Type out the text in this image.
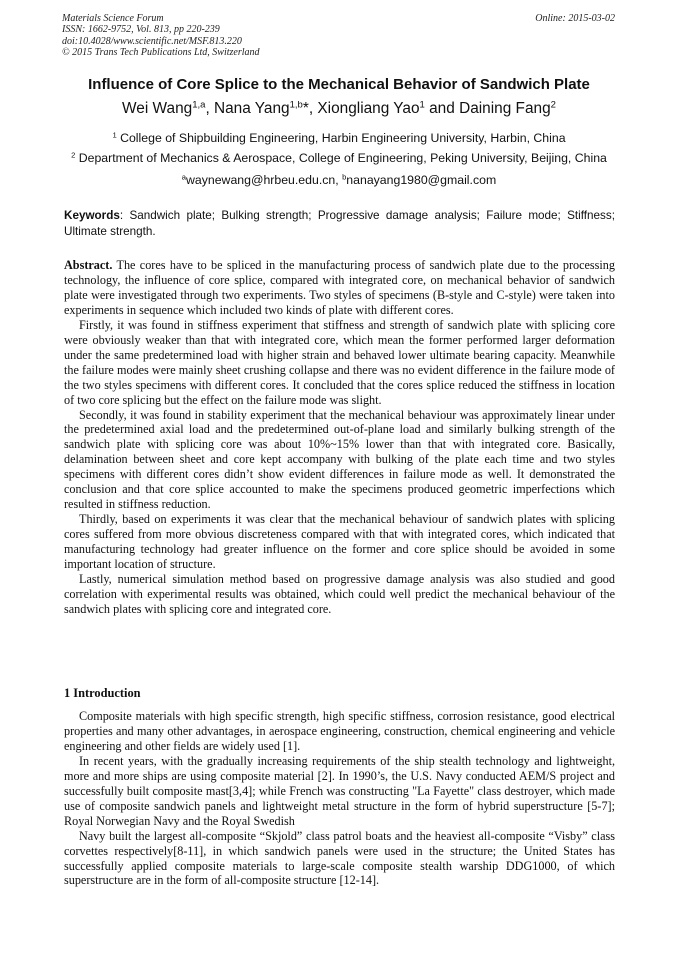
Materials Science Forum
ISSN: 1662-9752, Vol. 813, pp 220-239
doi:10.4028/www.scientific.net/MSF.813.220
© 2015 Trans Tech Publications Ltd, Switzerland
Online: 2015-03-02
Influence of Core Splice to the Mechanical Behavior of Sandwich Plate
Wei Wang$^{1,a}$, Nana Yang$^{1,b}$*, Xiongliang Yao$^1$ and Daining Fang$^2$
$^1$ College of Shipbuilding Engineering, Harbin Engineering University, Harbin, China
$^2$ Department of Mechanics & Aerospace, College of Engineering, Peking University, Beijing, China
$^a$waynewang@hrbeu.edu.cn, $^b$nanayang1980@gmail.com
Keywords: Sandwich plate; Bulking strength; Progressive damage analysis; Failure mode; Stiffness; Ultimate strength.

Abstract. The cores have to be spliced in the manufacturing process of sandwich plate due to the processing technology, the influence of core splice, compared with integrated core, on mechanical behavior of sandwich plate were investigated through two experiments. Two styles of specimens (B-style and C-style) were taken into experiments in sequence which included two kinds of plate with different cores.

Firstly, it was found in stiffness experiment that stiffness and strength of sandwich plate with splicing core were obviously weaker than that with integrated core, which mean the former performed larger deformation under the same predetermined load with higher strain and behaved lower ultimate bearing capacity. Meanwhile the failure modes were mainly sheet crushing collapse and there was no evident difference in the failure mode of the two styles specimens with different cores. It concluded that the cores splice reduced the stiffness in location of two core splicing but the effect on the failure mode was slight.

Secondly, it was found in stability experiment that the mechanical behaviour was approximately linear under the predetermined axial load and the predetermined out-of-plane load and similarly bulking strength of the sandwich plate with splicing core was about 10%~15% lower than that with integrated core. Basically, delamination between sheet and core kept accompany with bulking of the plate each time and two styles specimens with different cores didn’t show evident differences in failure mode as well. It demonstrated the conclusion and that core splice accounted to make the specimens produced geometric imperfections which resulted in stiffness reduction.

Thirdly, based on experiments it was clear that the mechanical behaviour of sandwich plates with splicing cores suffered from more obvious discreteness compared with that with integrated cores, which indicated that manufacturing technology had greater influence on the former and core splice should be avoided in some important location of structure.

Lastly, numerical simulation method based on progressive damage analysis was also studied and good correlation with experimental results was obtained, which could well predict the mechanical behaviour of the sandwich plates with splicing core and integrated core.

1 Introduction

Composite materials with high specific strength, high specific stiffness, corrosion resistance, good electrical properties and many other advantages, in aerospace engineering, construction, chemical engineering and vehicle engineering and other fields are widely used [1].

In recent years, with the gradually increasing requirements of the ship stealth technology and lightweight, more and more ships are using composite material [2]. In 1990’s, the U.S. Navy conducted AEM/S project and successfully built composite mast[3,4]; while French was constructing "La Fayette" class destroyer, which made use of composite sandwich panels and lightweight metal structure in the form of hybrid superstructure [5-7]; Royal Norwegian Navy and the Royal Swedish

Navy built the largest all-composite “Skjold” class patrol boats and the heaviest all-composite “Visby” class corvettes respectively[8-11], in which sandwich panels were used in the structure; the United States has successfully applied composite materials to large-scale composite stealth warship DDG1000, of which superstructure are in the form of all-composite structure [12-14].
